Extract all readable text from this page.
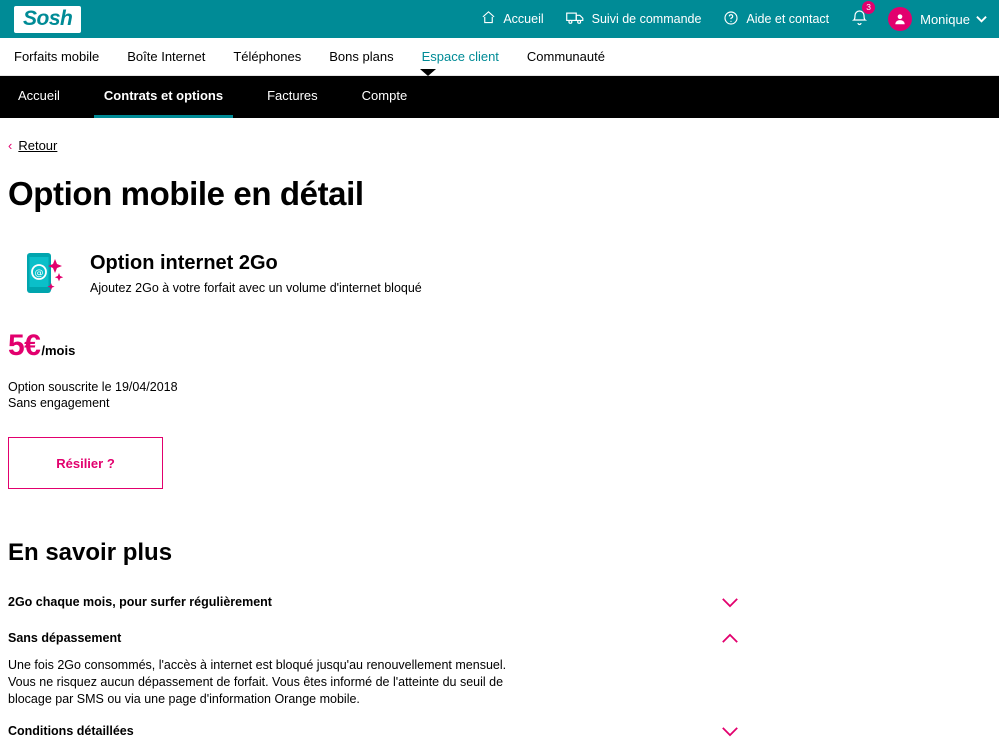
Sosh	Accueil	Suivi de commande	Aide et contact
3
Monique
Forfaits mobile	Boîte Internet	Téléphones	Bons plans	Espace client	Communauté
Accueil	Contrats et options	Factures	Compte
‹ Retour
Option mobile en détail
@ Option internet 2Go

Ajoutez 2Go à votre forfait avec un volume d'internet bloqué

5€ /mois
Option souscrite le 19/04/2018
Sans engagement
Résilier ?
En savoir plus
2Go chaque mois, pour surfer régulièrement
Sans dépassement
Une fois 2Go consommés, l'accès à internet est bloqué jusqu'au renouvellement mensuel. Vous ne risquez aucun dépassement de forfait. Vous êtes informé de l'atteinte du seuil de blocage par SMS ou via une page d'information Orange mobile.
Conditions détaillées
